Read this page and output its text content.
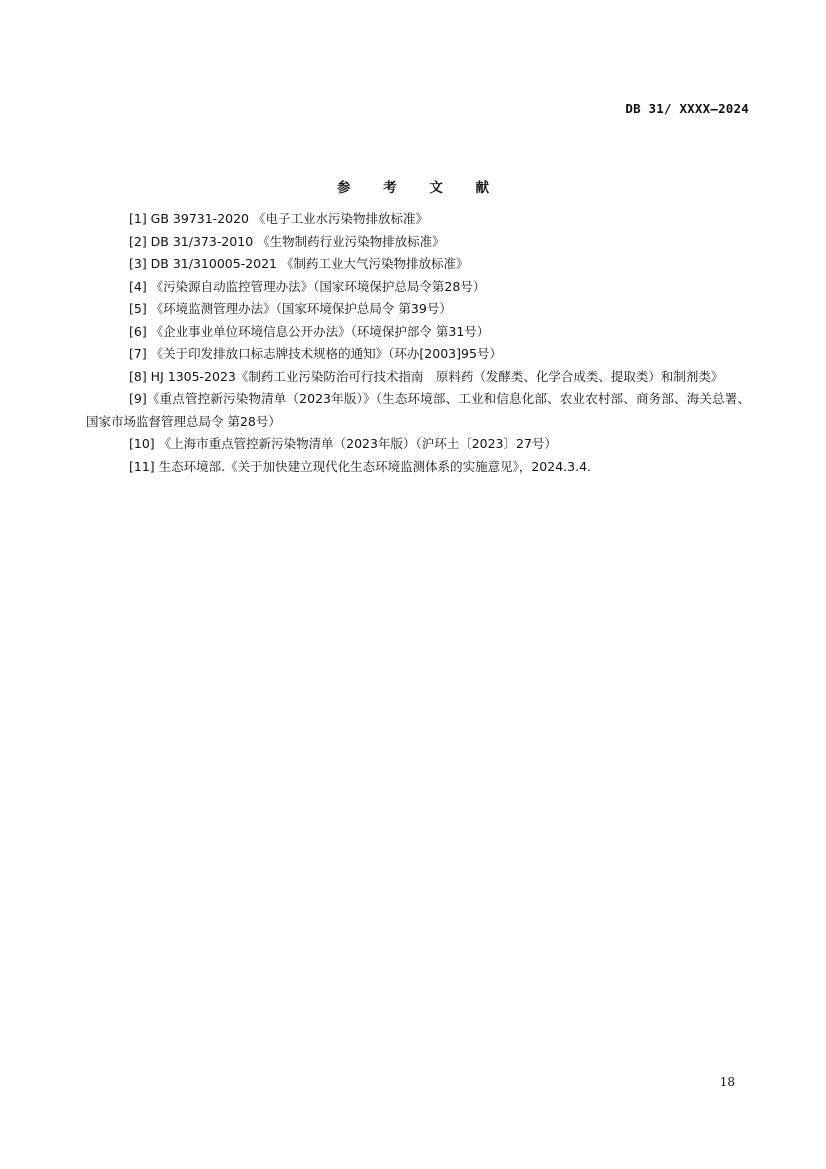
DB 31/ XXXX—2024
参 考 文 献
[1] GB 39731-2020 《电子工业水污染物排放标准》
[2] DB 31/373-2010 《生物制药行业污染物排放标准》
[3] DB 31/310005-2021 《制药工业大气污染物排放标准》
[4] 《污染源自动监控管理办法》（国家环境保护总局令第28号）
[5] 《环境监测管理办法》（国家环境保护总局令 第39号）
[6] 《企业事业单位环境信息公开办法》（环境保护部令 第31号）
[7] 《关于印发排放口标志牌技术规格的通知》（环办[2003]95号）
[8] HJ 1305-2023《制药工业污染防治可行技术指南　原料药（发酵类、化学合成类、提取类）和制剂类》
[9]《重点管控新污染物清单（2023年版）》（生态环境部、工业和信息化部、农业农村部、商务部、海关总署、国家市场监督管理总局令 第28号）
[10] 《上海市重点管控新污染物清单（2023年版）（沪环土〔2023〕27号）
[11] 生态环境部.《关于加快建立现代化生态环境监测体系的实施意见》，2024.3.4.
18
